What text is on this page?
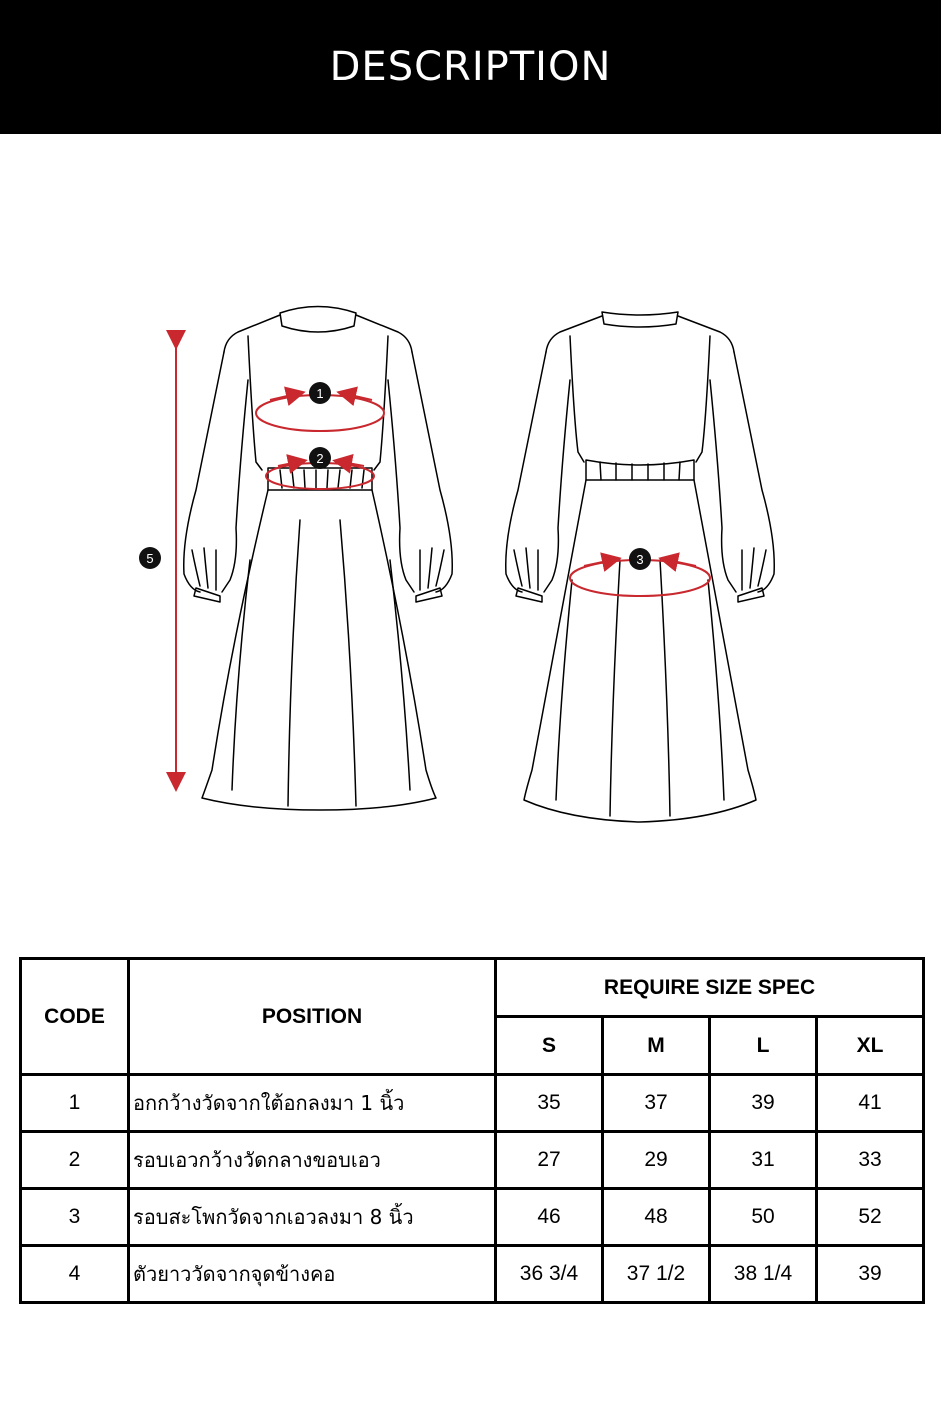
DESCRIPTION
1
2
3
5
CODE	POSITION	REQUIRE SIZE SPEC			
		S	M	L	XL
1	อกกว้างวัดจากใต้อกลงมา 1 นิ้ว	35	37	39	41
2	รอบเอวกว้างวัดกลางขอบเอว	27	29	31	33
3	รอบสะโพกวัดจากเอวลงมา 8 นิ้ว	46	48	50	52
4	ตัวยาววัดจากจุดข้างคอ	36 3/4	37 1/2	38 1/4	39
